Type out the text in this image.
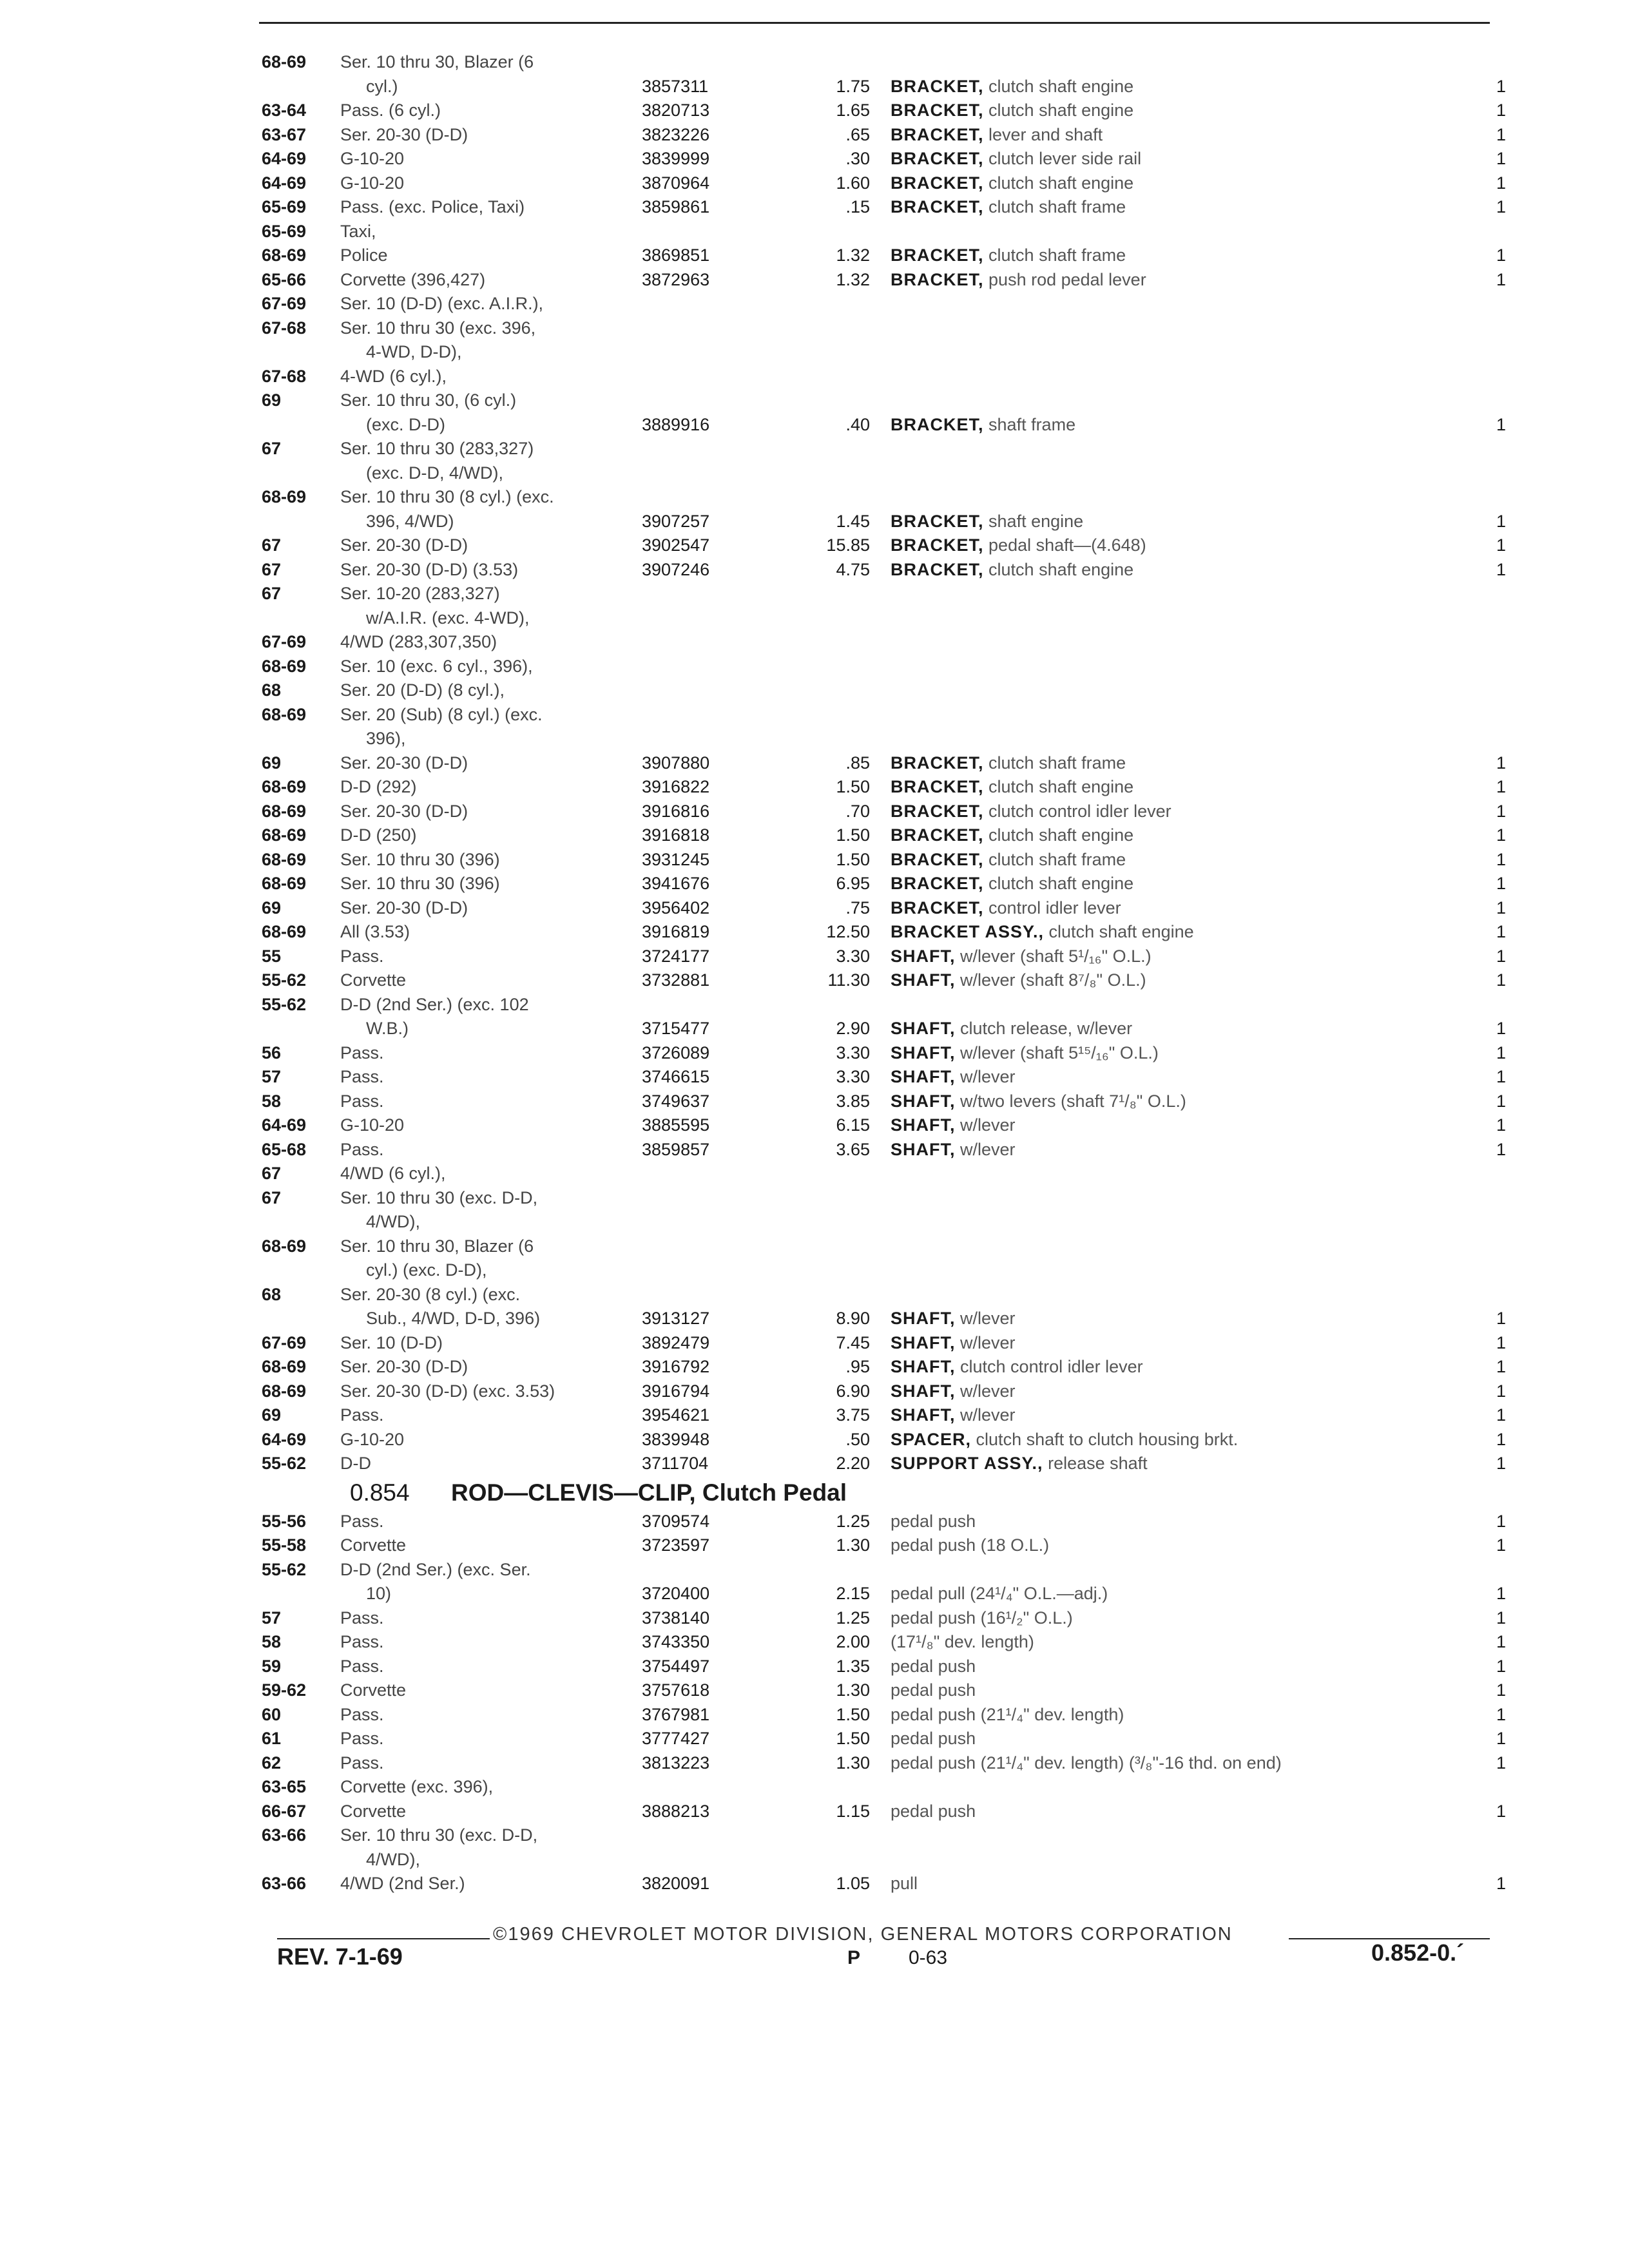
68-69 Ser. 10 thru 30, Blazer (6
cyl.)	3857311	1.75 BRACKET, clutch shaft engine	1
63-64 Pass. (6 cyl.)	3820713	1.65 BRACKET, clutch shaft engine	1
63-67 Ser. 20-30 (D-D)	3823226	.65 BRACKET, lever and shaft	1
64-69 G-10-20	3839999	.30 BRACKET, clutch lever side rail	1
64-69 G-10-20	3870964	1.60 BRACKET, clutch shaft engine	1
65-69 Pass. (exc. Police, Taxi)	3859861	.15 BRACKET, clutch shaft frame	1
65-69 Taxi,
68-69 Police	3869851	1.32 BRACKET, clutch shaft frame	1
65-66 Corvette (396,427)	3872963	1.32 BRACKET, push rod pedal lever	1
67-69 Ser. 10 (D-D) (exc. A.I.R.),
67-68 Ser. 10 thru 30 (exc. 396,
4-WD, D-D),
67-68 4-WD (6 cyl.),
69	Ser. 10 thru 30, (6 cyl.)
(exc. D-D)	3889916	.40 BRACKET, shaft frame	1
67	Ser. 10 thru 30 (283,327)
(exc. D-D, 4/WD),
68-69 Ser. 10 thru 30 (8 cyl.) (exc.
396, 4/WD)	3907257	1.45 BRACKET, shaft engine	1
67	Ser. 20-30 (D-D)	3902547	15.85 BRACKET, pedal shaft—(4.648)	1
67	Ser. 20-30 (D-D) (3.53)	3907246	4.75 BRACKET, clutch shaft engine	1
67	Ser. 10-20 (283,327)
w/A.I.R. (exc. 4-WD),
67-69 4/WD (283,307,350)
68-69 Ser. 10 (exc. 6 cyl., 396),
68	Ser. 20 (D-D) (8 cyl.),
68-69 Ser. 20 (Sub) (8 cyl.) (exc.
396),
69	Ser. 20-30 (D-D)	3907880	.85 BRACKET, clutch shaft frame	1
68-69 D-D (292)	3916822	1.50 BRACKET, clutch shaft engine	1
68-69 Ser. 20-30 (D-D)	3916816	.70 BRACKET, clutch control idler lever	1
68-69 D-D (250)	3916818	1.50 BRACKET, clutch shaft engine	1
68-69 Ser. 10 thru 30 (396)	3931245	1.50 BRACKET, clutch shaft frame	1
68-69 Ser. 10 thru 30 (396)	3941676	6.95 BRACKET, clutch shaft engine	1
69	Ser. 20-30 (D-D)	3956402	.75 BRACKET, control idler lever	1
68-69 All (3.53)	3916819	12.50 BRACKET ASSY., clutch shaft engine	1
55	Pass.	3724177	3.30 SHAFT, w/lever (shaft 5¹/₁₆" O.L.)	1
55-62 Corvette	3732881	11.30 SHAFT, w/lever (shaft 8⁷/₈" O.L.)	1
55-62 D-D (2nd Ser.) (exc. 102
W.B.)	3715477	2.90 SHAFT, clutch release, w/lever	1
56	Pass.	3726089	3.30 SHAFT, w/lever (shaft 5¹⁵/₁₆" O.L.)	1
57	Pass.	3746615	3.30 SHAFT, w/lever	1
58	Pass.	3749637	3.85 SHAFT, w/two levers (shaft 7¹/₈" O.L.)	1
64-69 G-10-20	3885595	6.15 SHAFT, w/lever	1
65-68 Pass.	3859857	3.65 SHAFT, w/lever	1
67	4/WD (6 cyl.),
67	Ser. 10 thru 30 (exc. D-D,
4/WD),
68-69 Ser. 10 thru 30, Blazer (6
cyl.) (exc. D-D),
68	Ser. 20-30 (8 cyl.) (exc.
Sub., 4/WD, D-D, 396)	3913127	8.90 SHAFT, w/lever	1
67-69 Ser. 10 (D-D)	3892479	7.45 SHAFT, w/lever	1
68-69 Ser. 20-30 (D-D)	3916792	.95 SHAFT, clutch control idler lever	1
68-69 Ser. 20-30 (D-D) (exc. 3.53)	3916794	6.90 SHAFT, w/lever	1
69	Pass.	3954621	3.75 SHAFT, w/lever	1
64-69 G-10-20	3839948	.50 SPACER, clutch shaft to clutch housing brkt.	1
55-62 D-D	3711704	2.20 SUPPORT ASSY., release shaft	1
0.854 ROD—CLEVIS—CLIP, Clutch Pedal
55-56 Pass.	3709574	1.25 pedal push	1
55-58 Corvette	3723597	1.30 pedal push (18 O.L.)	1
55-62 D-D (2nd Ser.) (exc. Ser.
10)	3720400	2.15 pedal pull (24¹/₄" O.L.—adj.)	1
57	Pass.	3738140	1.25 pedal push (16¹/₂" O.L.)	1
58	Pass.	3743350	2.00 (17¹/₈" dev. length)	1
59	Pass.	3754497	1.35 pedal push	1
59-62 Corvette	3757618	1.30 pedal push	1
60	Pass.	3767981	1.50 pedal push (21¹/₄" dev. length)	1
61	Pass.	3777427	1.50 pedal push	1
62	Pass.	3813223	1.30 pedal push (21¹/₄" dev. length) (³/₈"-16 thd. on end)	1
63-65 Corvette (exc. 396),
66-67 Corvette	3888213	1.15 pedal push	1
63-66 Ser. 10 thru 30 (exc. D-D,
4/WD),
63-66 4/WD (2nd Ser.)	3820091	1.05 pull	1
©1969 CHEVROLET MOTOR DIVISION, GENERAL MOTORS CORPORATION
REV. 7-1-69	P 0-63	0.852-0.´
